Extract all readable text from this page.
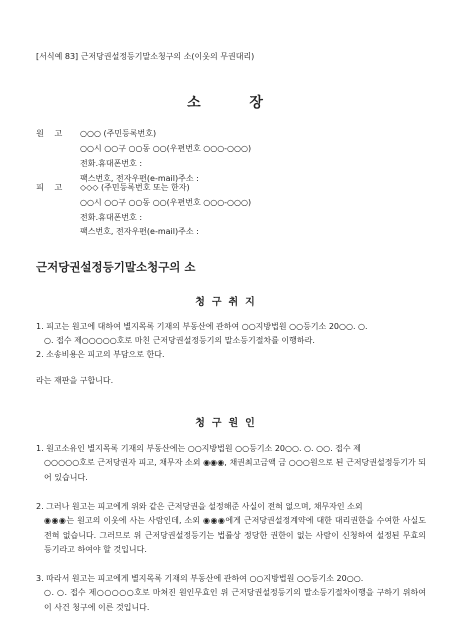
[서식예 83] 근저당권설정등기말소청구의 소(이웃의 무권대리)
소          장
원    고 ○○○ (주민등록번호)
○○시 ○○구 ○○동 ○○(우편번호 ○○○-○○○)
전화․휴대폰번호 :
팩스번호, 전자우편(e-mail)주소 :
피    고 ◇◇◇ (주민등록번호 또는 한자)
○○시 ○○구 ○○동 ○○(우편번호 ○○○-○○○)
전화․휴대폰번호 :
팩스번호, 전자우편(e-mail)주소 :
근저당권설정등기말소청구의 소
청  구  취  지
1. 피고는 원고에 대하여 별지목록 기재의 부동산에 관하여 ○○지방법원 ○○등기소 20○○. ○.
○. 접수 제○○○○○호로 마친 근저당권설정등기의 말소등기절차를 이행하라.
2. 소송비용은 피고의 부담으로 한다.
라는 재판을 구합니다.
청  구  원  인
1. 원고소유인 별지목록 기재의 부동산에는 ○○지방법원 ○○등기소 20○○. ○. ○○. 접수 제
○○○○○호로 근저당권자 피고, 채무자 소외 ◉◉◉, 채권최고금액 금 ○○○원으로 된 근저당권설정등기가 되어 있습니다.
2. 그러나 원고는 피고에게 위와 같은 근저당권을 설정해준 사실이 전혀 없으며, 채무자인 소외
◉◉◉는 원고의 이웃에 사는 사람인데, 소외 ◉◉◉에게 근저당권설정계약에 대한 대리권한을 수여한 사실도 전혀 없습니다. 그러므로 위 근저당권설정등기는 법률상 정당한 권한이 없는 사람이 신청하여 설정된 무효의 등기라고 하여야 할 것입니다.
3. 따라서 원고는 피고에게 별지목록 기재의 부동산에 관하여 ○○지방법원 ○○등기소 20○○.
○. ○. 접수 제○○○○○호로 마쳐진 원인무효인 위 근저당권설정등기의 말소등기절차이행을 구하기 위하여 이 사건 청구에 이른 것입니다.
